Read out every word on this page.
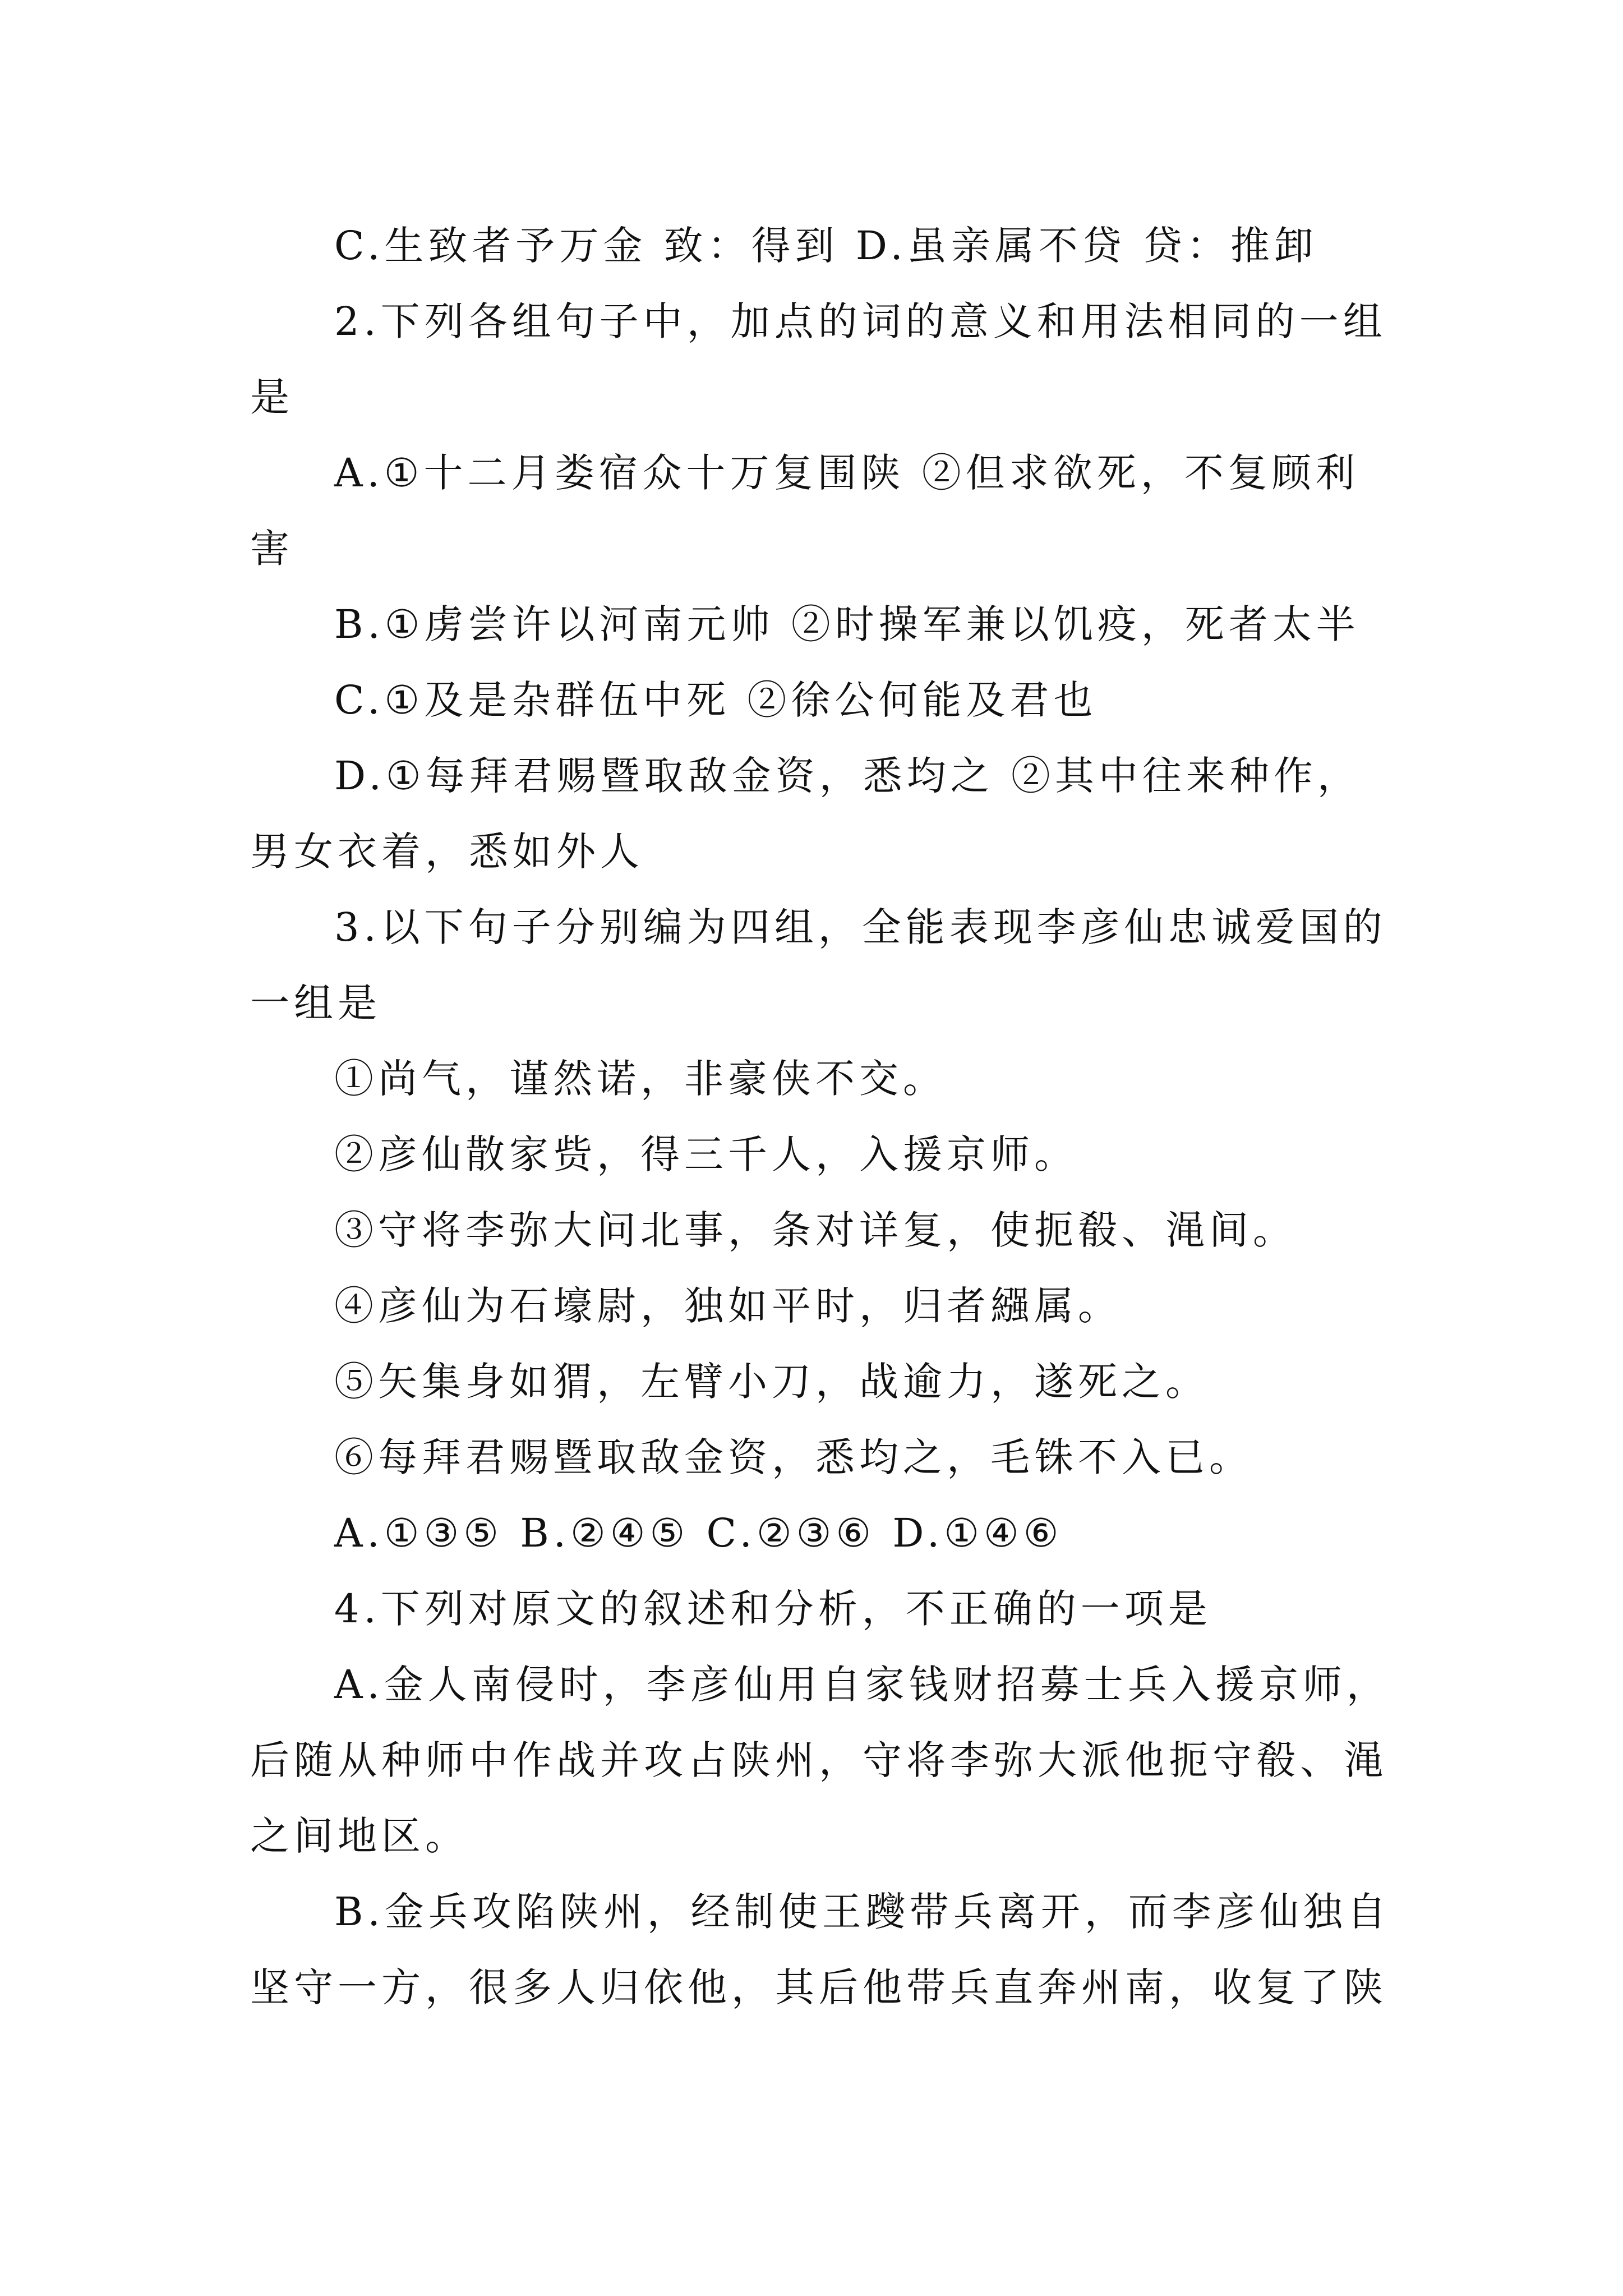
C.生致者予万金 致：得到 D.虽亲属不贷 贷：推卸
2.下列各组句子中，加点的词的意义和用法相同的一组
是
A.①十二月娄宿众十万复围陕 ②但求欲死，不复顾利
害
B.①虏尝许以河南元帅 ②时操军兼以饥疫，死者太半
C.①及是杂群伍中死 ②徐公何能及君也
D.①每拜君赐暨取敌金资，悉均之 ②其中往来种作，
男女衣着，悉如外人
3.以下句子分别编为四组，全能表现李彦仙忠诚爱国的
一组是
①尚气，谨然诺，非豪侠不交。
②彦仙散家赀，得三千人，入援京师。
③守将李弥大问北事，条对详复，使扼殽、渑间。
④彦仙为石壕尉，独如平时，归者繦属。
⑤矢集身如猬，左臂小刀，战逾力，遂死之。
⑥每拜君赐暨取敌金资，悉均之，毛铢不入已。
A.①③⑤ B.②④⑤ C.②③⑥ D.①④⑥
4.下列对原文的叙述和分析，不正确的一项是
A.金人南侵时，李彦仙用自家钱财招募士兵入援京师，
后随从种师中作战并攻占陕州，守将李弥大派他扼守殽、渑
之间地区。
B.金兵攻陷陕州，经制使王躞带兵离开，而李彦仙独自
坚守一方，很多人归依他，其后他带兵直奔州南，收复了陕
